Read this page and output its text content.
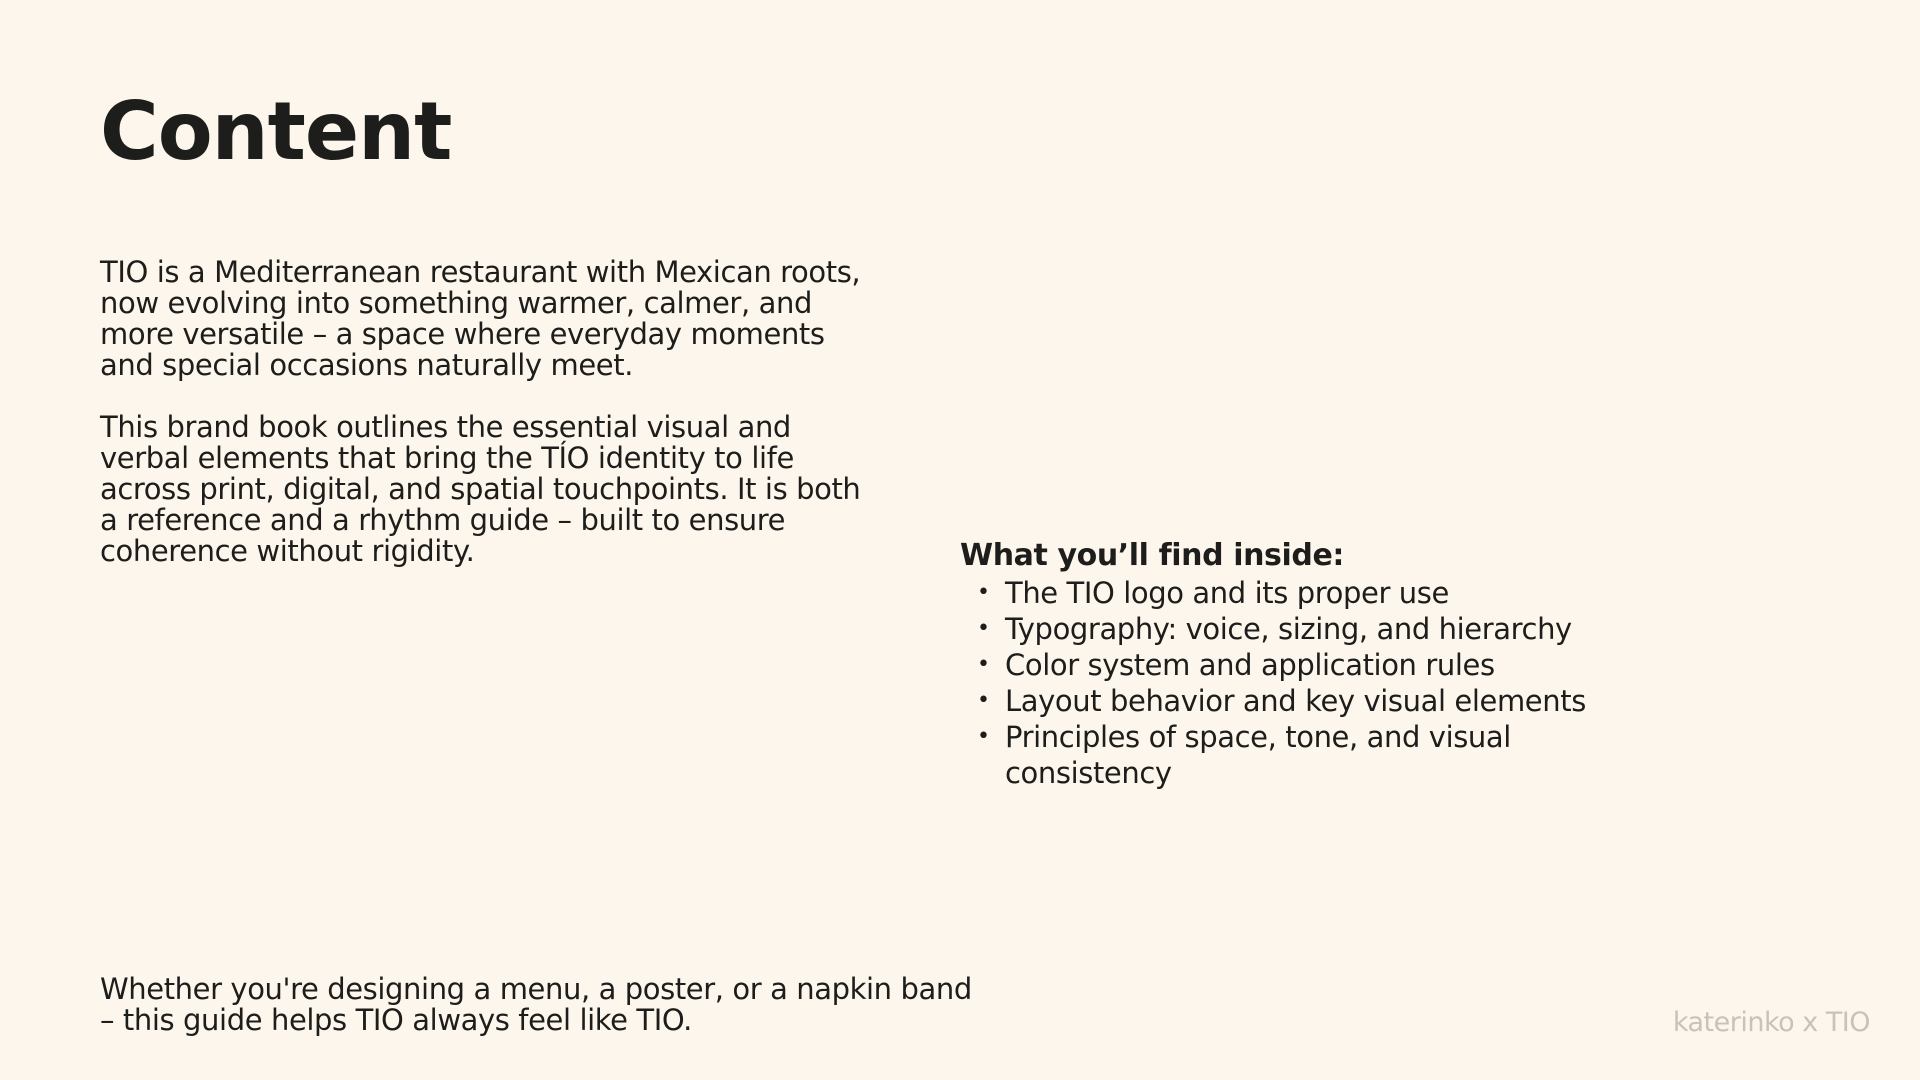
Content

TIO is a Mediterranean restaurant with Mexican roots, now evolving into something warmer, calmer, and more versatile – a space where everyday moments and special occasions naturally meet.

This brand book outlines the essential visual and verbal elements that bring the TÍO identity to life across print, digital, and spatial touchpoints. It is both a reference and a rhythm guide – built to ensure coherence without rigidity.	What you’ll find inside:

• The TIO logo and its proper use
• Typography: voice, sizing, and hierarchy
• Color system and application rules
• Layout behavior and key visual elements
• Principles of space, tone, and visual consistency

Whether you're designing a menu, a poster, or a napkin band
– this guide helps TIO always feel like TIO.	katerinko x TIO
